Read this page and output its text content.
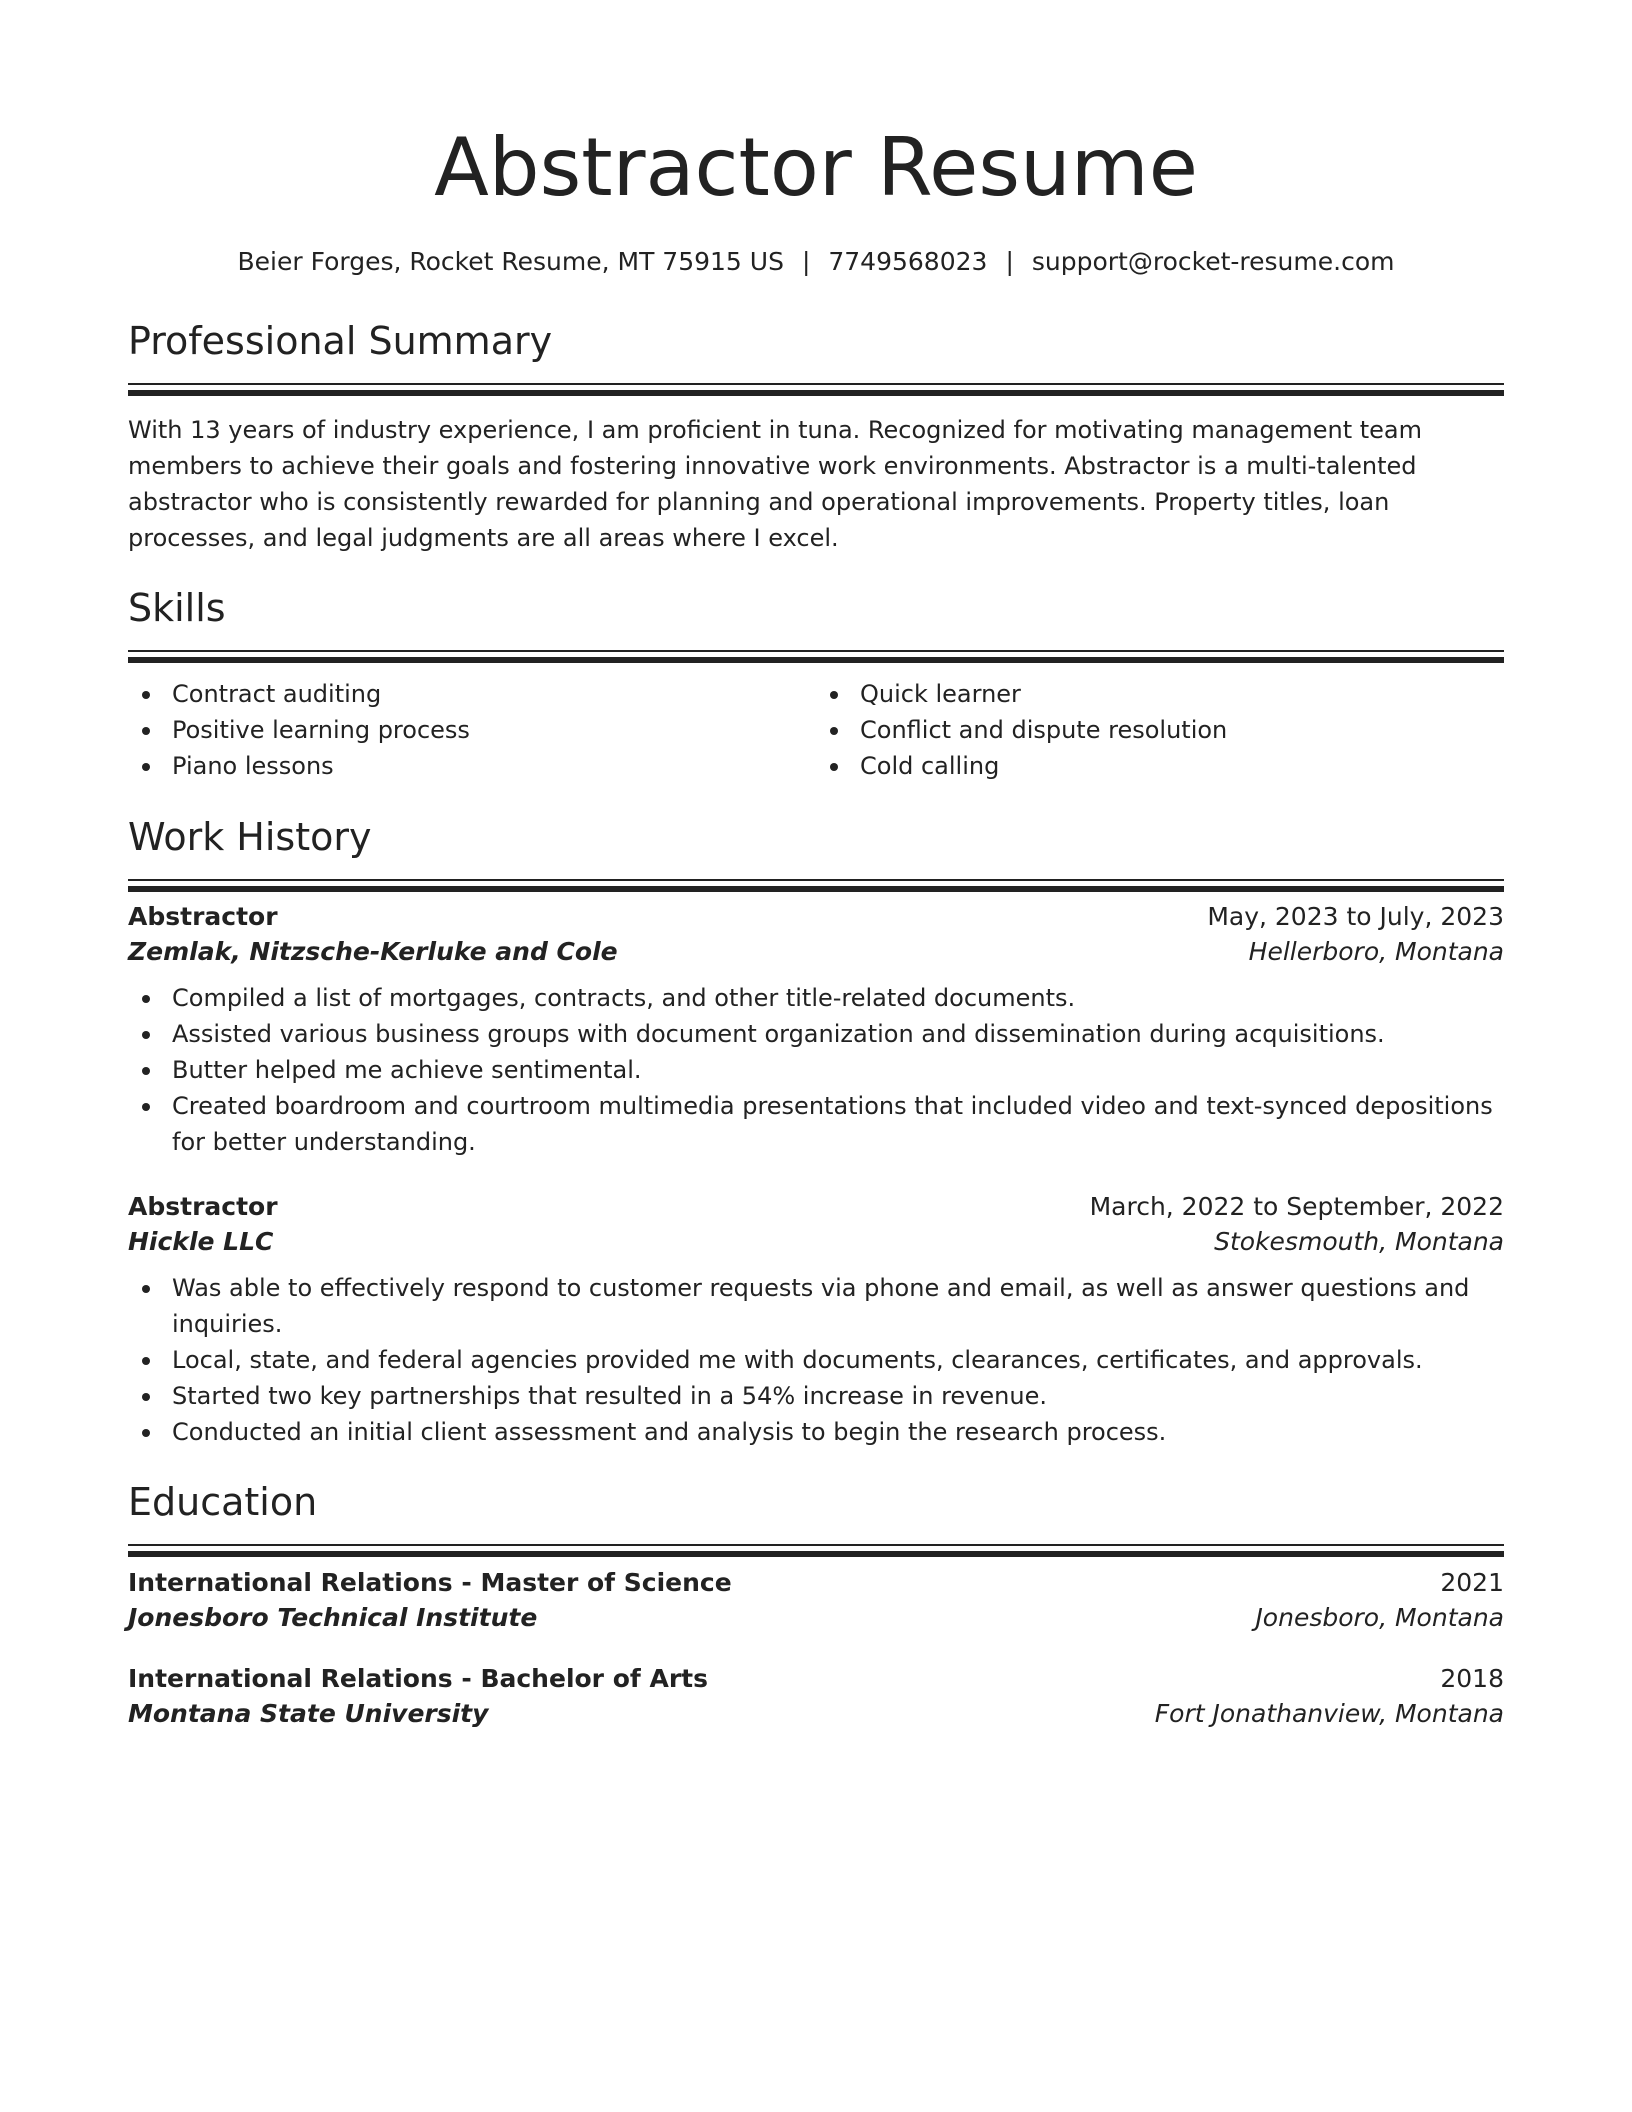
Abstractor Resume
Beier Forges, Rocket Resume, MT 75915 US | 7749568023 | support@rocket-resume.com
Professional Summary

With 13 years of industry experience, I am proficient in tuna. Recognized for motivating management team members to achieve their goals and fostering innovative work environments. Abstractor is a multi-talented abstractor who is consistently rewarded for planning and operational improvements. Property titles, loan processes, and legal judgments are all areas where I excel.

Skills
Contract auditing
Positive learning process
Piano lessons
Quick learner
Conflict and dispute resolution
Cold calling
Work History
Abstractor	May, 2023 to July, 2023
Zemlak, Nitzsche-Kerluke and Cole	Hellerboro, Montana
Compiled a list of mortgages, contracts, and other title-related documents.
Assisted various business groups with document organization and dissemination during acquisitions.
Butter helped me achieve sentimental.
Created boardroom and courtroom multimedia presentations that included video and text-synced depositions for better understanding.
Abstractor	March, 2022 to September, 2022
Hickle LLC	Stokesmouth, Montana
Was able to effectively respond to customer requests via phone and email, as well as answer questions and inquiries.
Local, state, and federal agencies provided me with documents, clearances, certificates, and approvals.
Started two key partnerships that resulted in a 54% increase in revenue.
Conducted an initial client assessment and analysis to begin the research process.
Education
International Relations - Master of Science	2021
Jonesboro Technical Institute	Jonesboro, Montana
International Relations - Bachelor of Arts	2018
Montana State University	Fort Jonathanview, Montana
